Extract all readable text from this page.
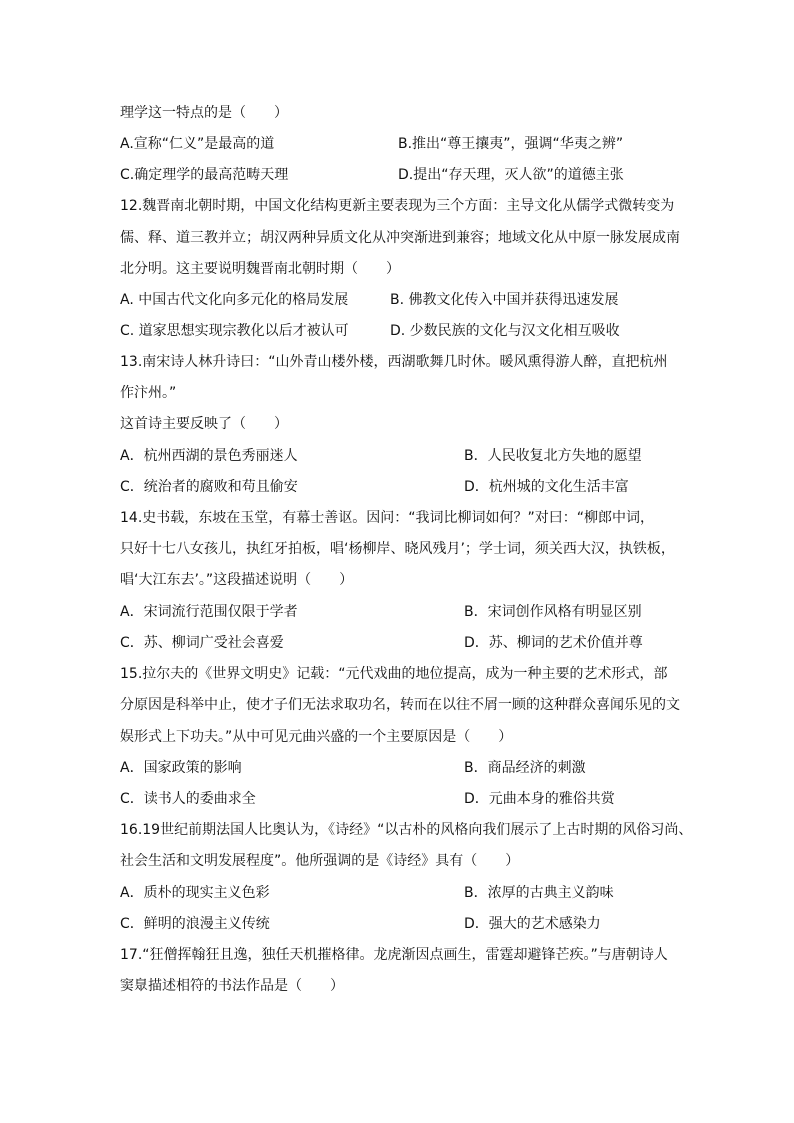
理学这一特点的是（　　）
A.宣称“仁义”是最高的道	B.推出“尊王攘夷”，强调“华夷之辨”
C.确定理学的最高范畴天理	D.提出“存天理，灭人欲”的道德主张
12.魏晋南北朝时期，中国文化结构更新主要表现为三个方面：主导文化从儒学式微转变为
儒、释、道三教并立；胡汉两种异质文化从冲突渐进到兼容；地域文化从中原一脉发展成南
北分明。这主要说明魏晋南北朝时期（　　）
A. 中国古代文化向多元化的格局发展	B. 佛教文化传入中国并获得迅速发展
C. 道家思想实现宗教化以后才被认可	D. 少数民族的文化与汉文化相互吸收
13.南宋诗人林升诗曰：“山外青山楼外楼，西湖歌舞几时休。暖风熏得游人醉，直把杭州
作汴州。”
这首诗主要反映了（　　）
A．杭州西湖的景色秀丽迷人	B．人民收复北方失地的愿望
C．统治者的腐败和苟且偷安	D．杭州城的文化生活丰富
14.史书载，东坡在玉堂，有幕士善讴。因问：“我词比柳词如何？”对曰：“柳郎中词，
只好十七八女孩儿，执红牙拍板，唱‘杨柳岸、晓风残月’；学士词，须关西大汉，执铁板，
唱‘大江东去’。”这段描述说明（　　）
A．宋词流行范围仅限于学者	B．宋词创作风格有明显区别
C．苏、柳词广受社会喜爱	D．苏、柳词的艺术价值并尊
15.拉尔夫的《世界文明史》记载：“元代戏曲的地位提高，成为一种主要的艺术形式，部
分原因是科举中止，使才子们无法求取功名，转而在以往不屑一顾的这种群众喜闻乐见的文
娱形式上下功夫。”从中可见元曲兴盛的一个主要原因是（　　）
A．国家政策的影响	B．商品经济的刺激
C．读书人的委曲求全	D．元曲本身的雅俗共赏
16.19世纪前期法国人比奥认为，《诗经》“以古朴的风格向我们展示了上古时期的风俗习尚、
社会生活和文明发展程度”。他所强调的是《诗经》具有（　　）
A．质朴的现实主义色彩	B．浓厚的古典主义韵味
C．鲜明的浪漫主义传统	D．强大的艺术感染力
17.“狂僧挥翰狂且逸，独任天机摧格律。龙虎渐因点画生，雷霆却避锋芒疾。”与唐朝诗人
窦臮描述相符的书法作品是（　　）
